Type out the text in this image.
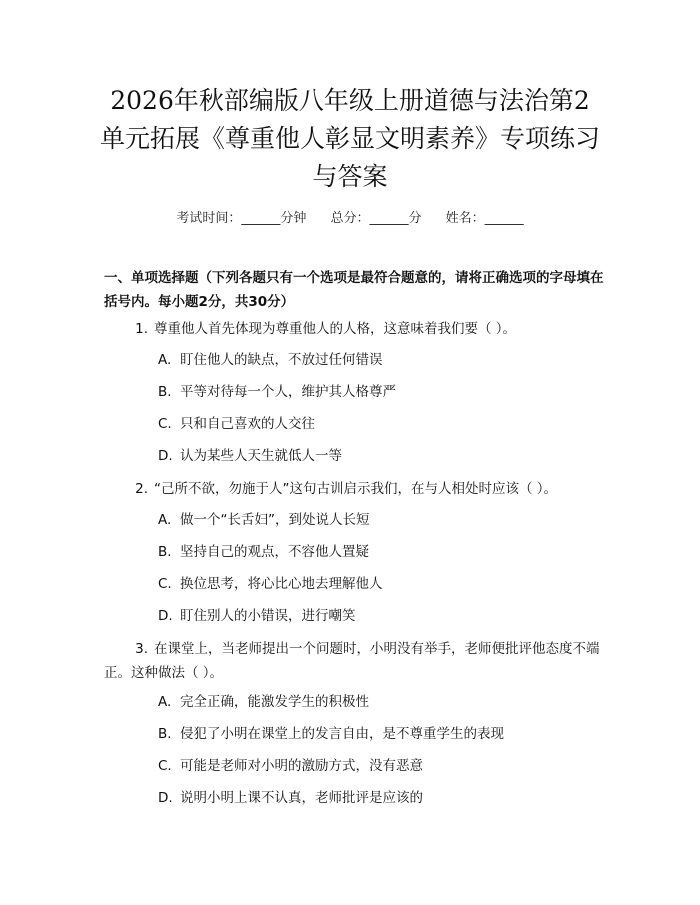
2026年秋部编版八年级上册道德与法治第2单元拓展《尊重他人彰显文明素养》专项练习与答案
考试时间：______分钟 总分：______分 姓名：______
一、单项选择题（下列各题只有一个选项是最符合题意的，请将正确选项的字母填在括号内。每小题2分，共30分）
1. 尊重他人首先体现为尊重他人的人格，这意味着我们要（ ）。
A. 盯住他人的缺点，不放过任何错误
B. 平等对待每一个人，维护其人格尊严
C. 只和自己喜欢的人交往
D. 认为某些人天生就低人一等
2. “己所不欲，勿施于人”这句古训启示我们，在与人相处时应该（ ）。
A. 做一个“长舌妇”，到处说人长短
B. 坚持自己的观点，不容他人置疑
C. 换位思考，将心比心地去理解他人
D. 盯住别人的小错误，进行嘲笑
3. 在课堂上，当老师提出一个问题时，小明没有举手，老师便批评他态度不端正。这种做法（ ）。
A. 完全正确，能激发学生的积极性
B. 侵犯了小明在课堂上的发言自由，是不尊重学生的表现
C. 可能是老师对小明的激励方式，没有恶意
D. 说明小明上课不认真，老师批评是应该的
